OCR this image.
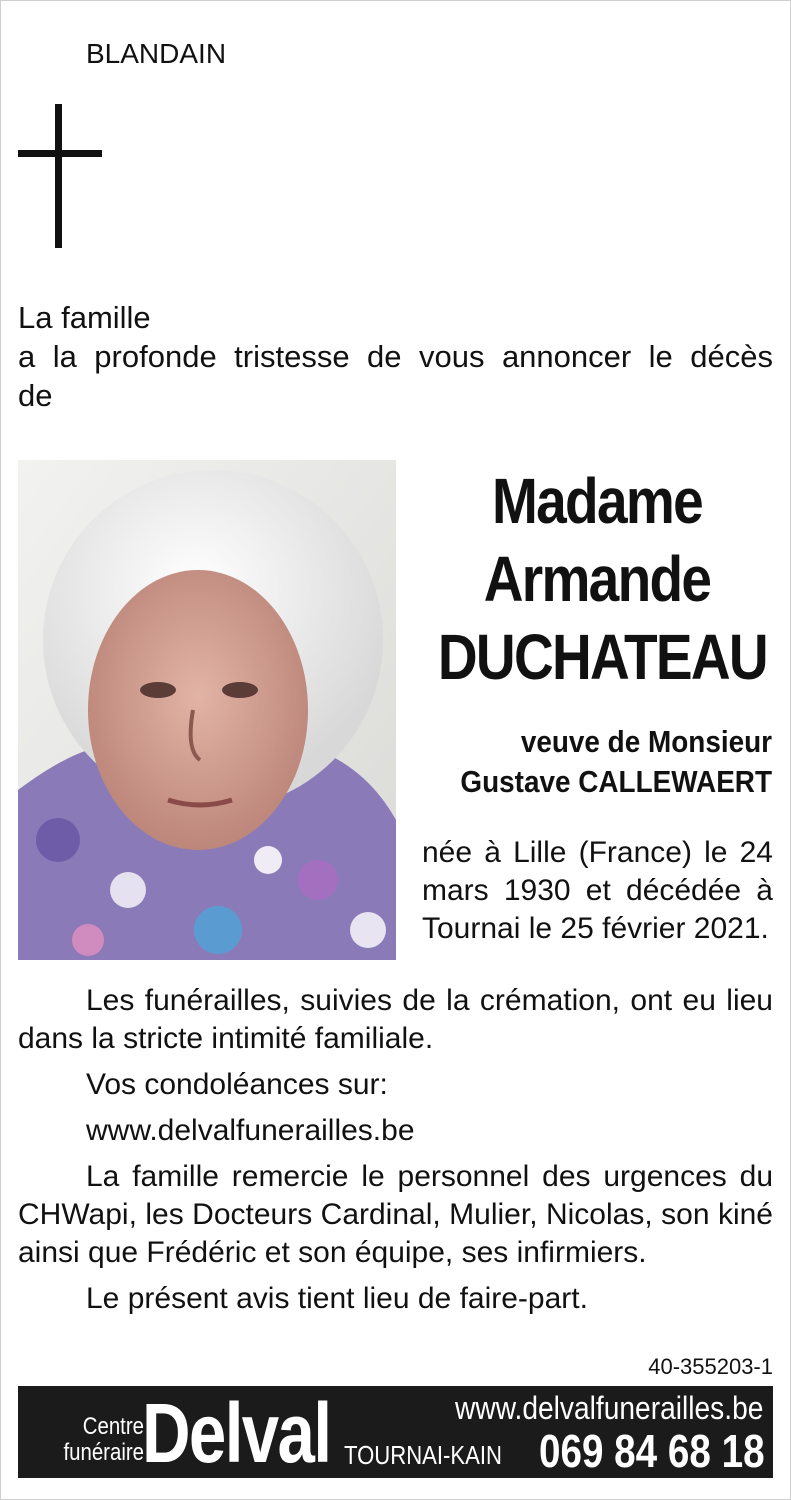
BLANDAIN

La famille

a la profonde tristesse de vous annoncer le décès

de

Madame
Armande
DUCHATEAU
veuve de Monsieur
Gustave CALLEWAERT

née à Lille (France) le 24 mars 1930 et décédée à Tournai le 25 février 2021.

Les funérailles, suivies de la crémation, ont eu lieu dans la stricte intimité familiale.

Vos condoléances sur:

www.delvalfunerailles.be

La famille remercie le personnel des urgences du CHWapi, les Docteurs Cardinal, Mulier, Nicolas, son kiné ainsi que Frédéric et son équipe, ses infirmiers.

Le présent avis tient lieu de faire-part.

40-355203-1
Centre
funéraire
Delval	www.delvalfunerailles.be
TOURNAI-KAIN 069 84 68 18
